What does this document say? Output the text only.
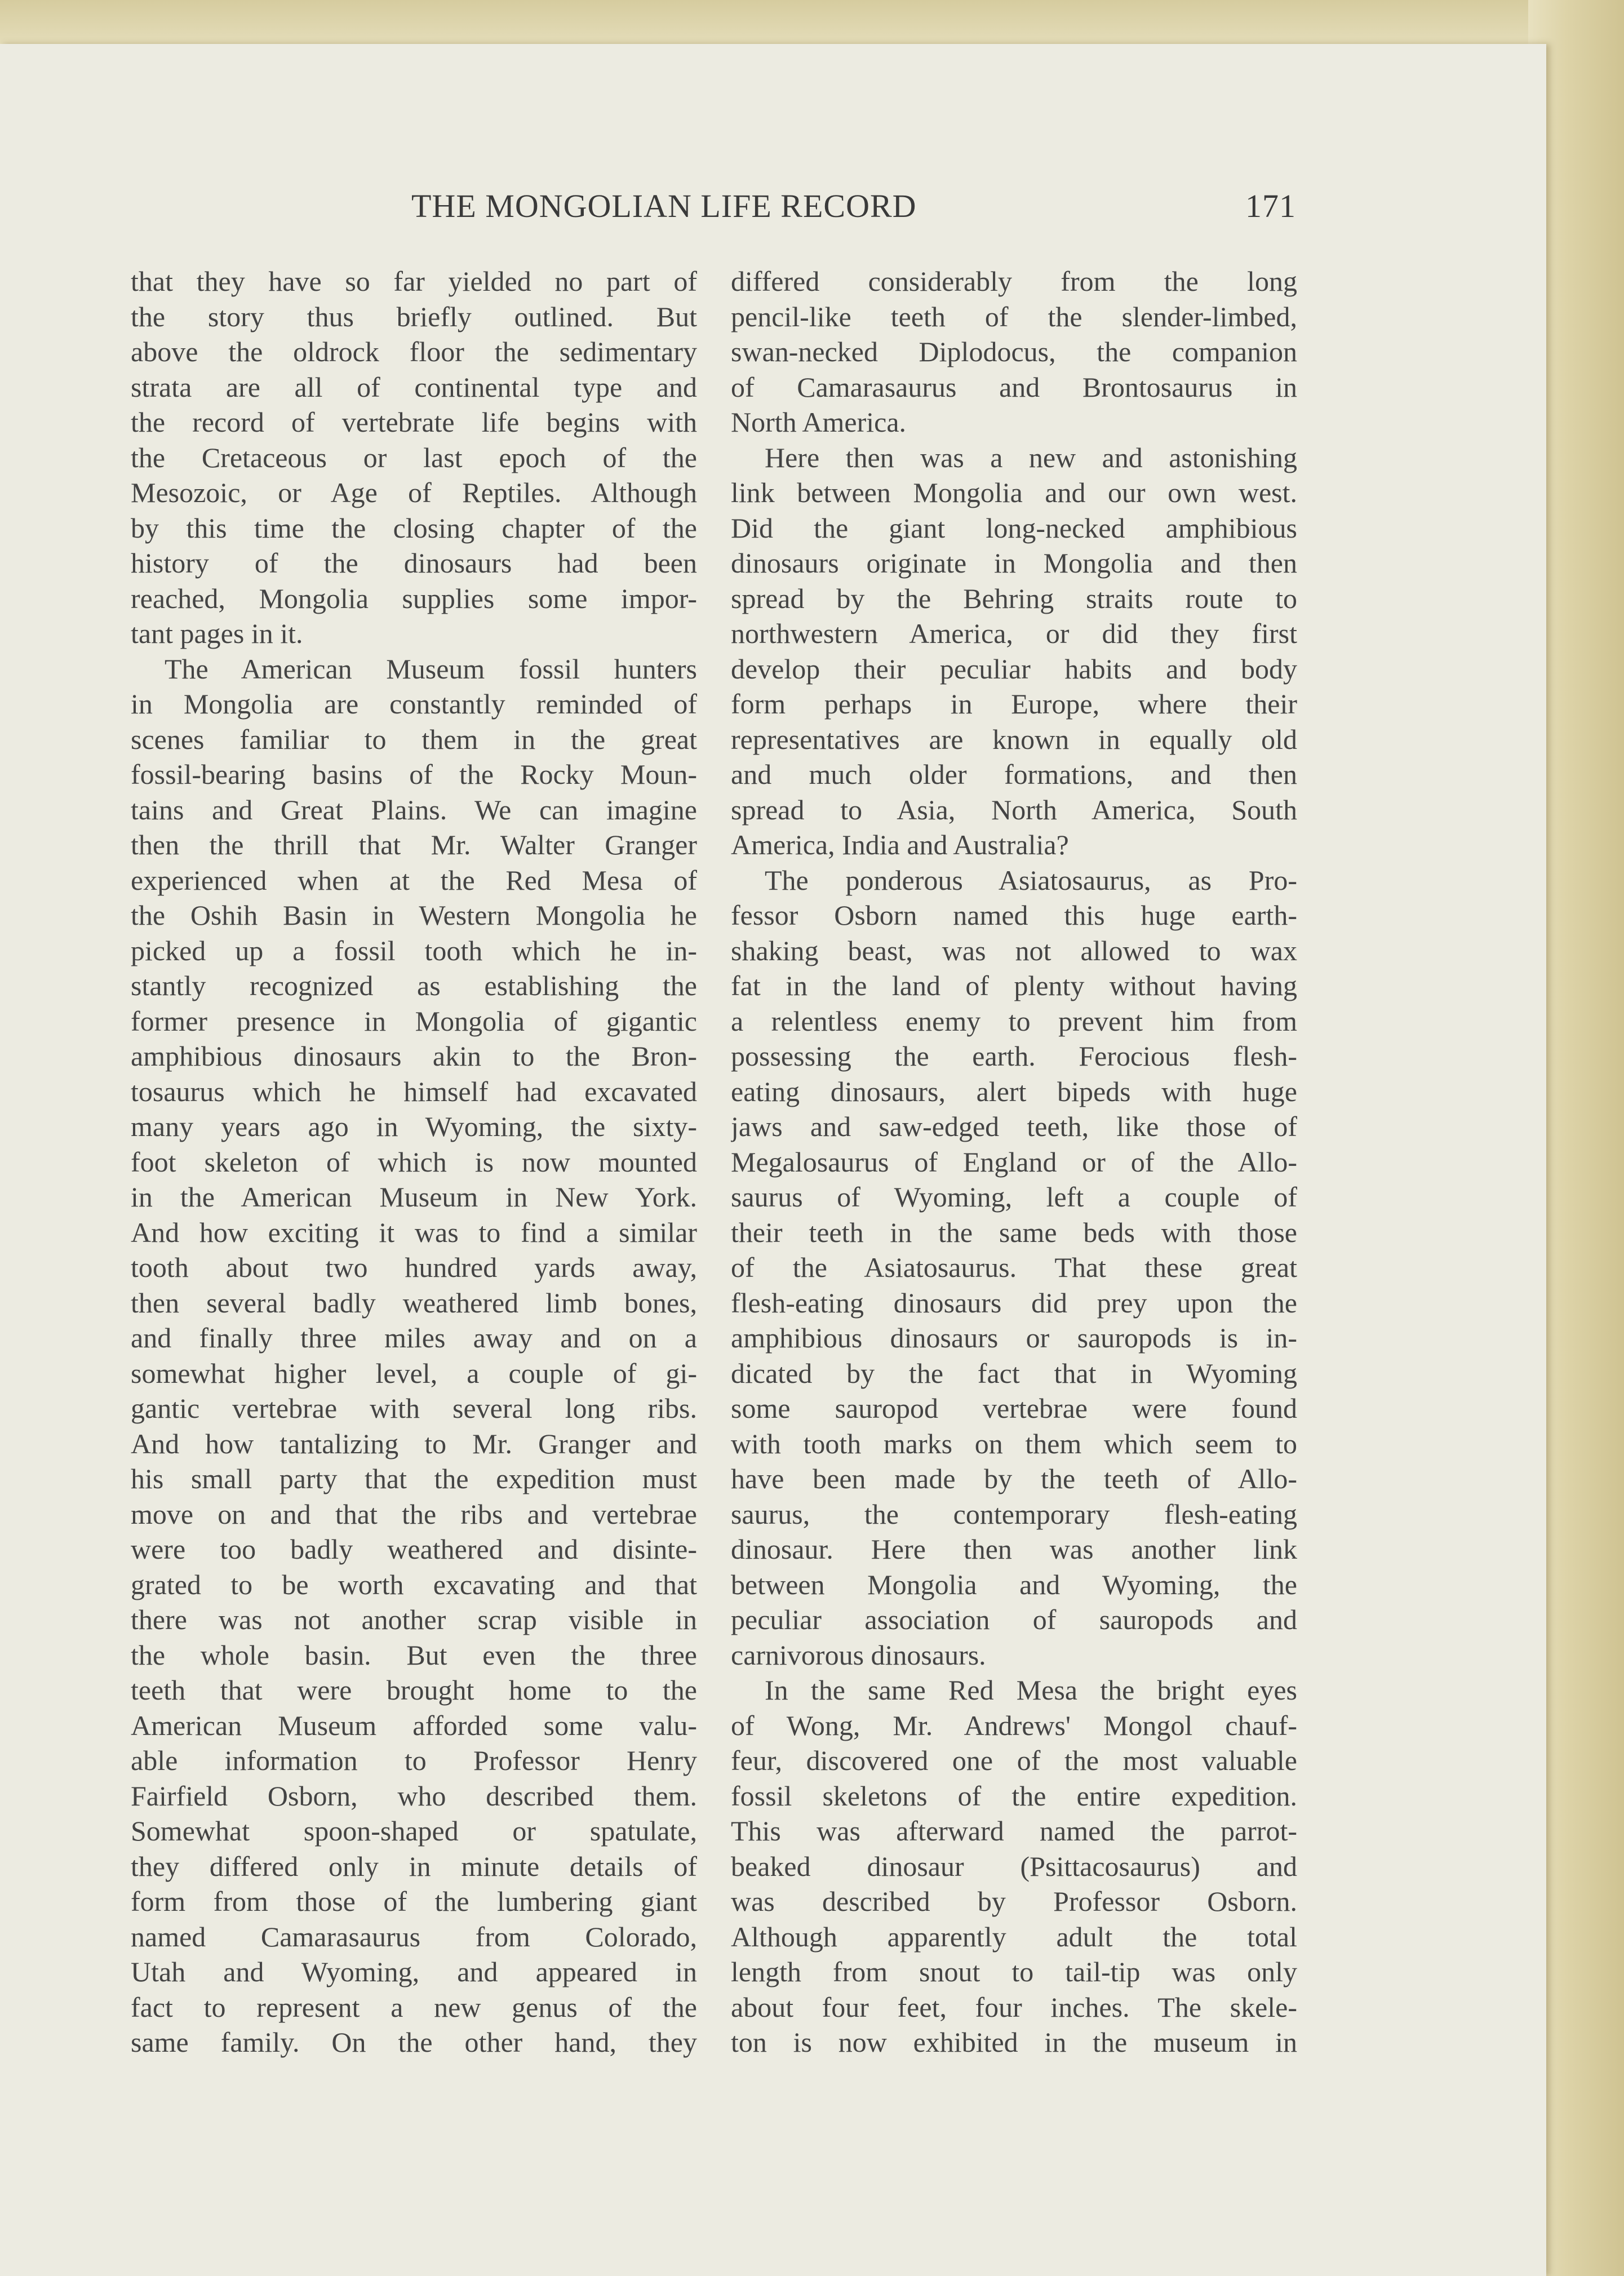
THE MONGOLIAN LIFE RECORD	171
that they have so far yielded no part of
the story thus briefly outlined. But
above the oldrock floor the sedimentary
strata are all of continental type and
the record of vertebrate life begins with
the Cretaceous or last epoch of the
Mesozoic, or Age of Reptiles. Although
by this time the closing chapter of the
history of the dinosaurs had been
reached, Mongolia supplies some impor-
tant pages in it.
The American Museum fossil hunters
in Mongolia are constantly reminded of
scenes familiar to them in the great
fossil-bearing basins of the Rocky Moun-
tains and Great Plains. We can imagine
then the thrill that Mr. Walter Granger
experienced when at the Red Mesa of
the Oshih Basin in Western Mongolia he
picked up a fossil tooth which he in-
stantly recognized as establishing the
former presence in Mongolia of gigantic
amphibious dinosaurs akin to the Bron-
tosaurus which he himself had excavated
many years ago in Wyoming, the sixty-
foot skeleton of which is now mounted
in the American Museum in New York.
And how exciting it was to find a similar
tooth about two hundred yards away,
then several badly weathered limb bones,
and finally three miles away and on a
somewhat higher level, a couple of gi-
gantic vertebrae with several long ribs.
And how tantalizing to Mr. Granger and
his small party that the expedition must
move on and that the ribs and vertebrae
were too badly weathered and disinte-
grated to be worth excavating and that
there was not another scrap visible in
the whole basin. But even the three
teeth that were brought home to the
American Museum afforded some valu-
able information to Professor Henry
Fairfield Osborn, who described them.
Somewhat spoon-shaped or spatulate,
they differed only in minute details of
form from those of the lumbering giant
named Camarasaurus from Colorado,
Utah and Wyoming, and appeared in
fact to represent a new genus of the
same family. On the other hand, they
differed considerably from the long
pencil-like teeth of the slender-limbed,
swan-necked Diplodocus, the companion
of Camarasaurus and Brontosaurus in
North America.
Here then was a new and astonishing
link between Mongolia and our own west.
Did the giant long-necked amphibious
dinosaurs originate in Mongolia and then
spread by the Behring straits route to
northwestern America, or did they first
develop their peculiar habits and body
form perhaps in Europe, where their
representatives are known in equally old
and much older formations, and then
spread to Asia, North America, South
America, India and Australia?
The ponderous Asiatosaurus, as Pro-
fessor Osborn named this huge earth-
shaking beast, was not allowed to wax
fat in the land of plenty without having
a relentless enemy to prevent him from
possessing the earth. Ferocious flesh-
eating dinosaurs, alert bipeds with huge
jaws and saw-edged teeth, like those of
Megalosaurus of England or of the Allo-
saurus of Wyoming, left a couple of
their teeth in the same beds with those
of the Asiatosaurus. That these great
flesh-eating dinosaurs did prey upon the
amphibious dinosaurs or sauropods is in-
dicated by the fact that in Wyoming
some sauropod vertebrae were found
with tooth marks on them which seem to
have been made by the teeth of Allo-
saurus, the contemporary flesh-eating
dinosaur. Here then was another link
between Mongolia and Wyoming, the
peculiar association of sauropods and
carnivorous dinosaurs.
In the same Red Mesa the bright eyes
of Wong, Mr. Andrews' Mongol chauf-
feur, discovered one of the most valuable
fossil skeletons of the entire expedition.
This was afterward named the parrot-
beaked dinosaur (Psittacosaurus) and
was described by Professor Osborn.
Although apparently adult the total
length from snout to tail-tip was only
about four feet, four inches. The skele-
ton is now exhibited in the museum in
